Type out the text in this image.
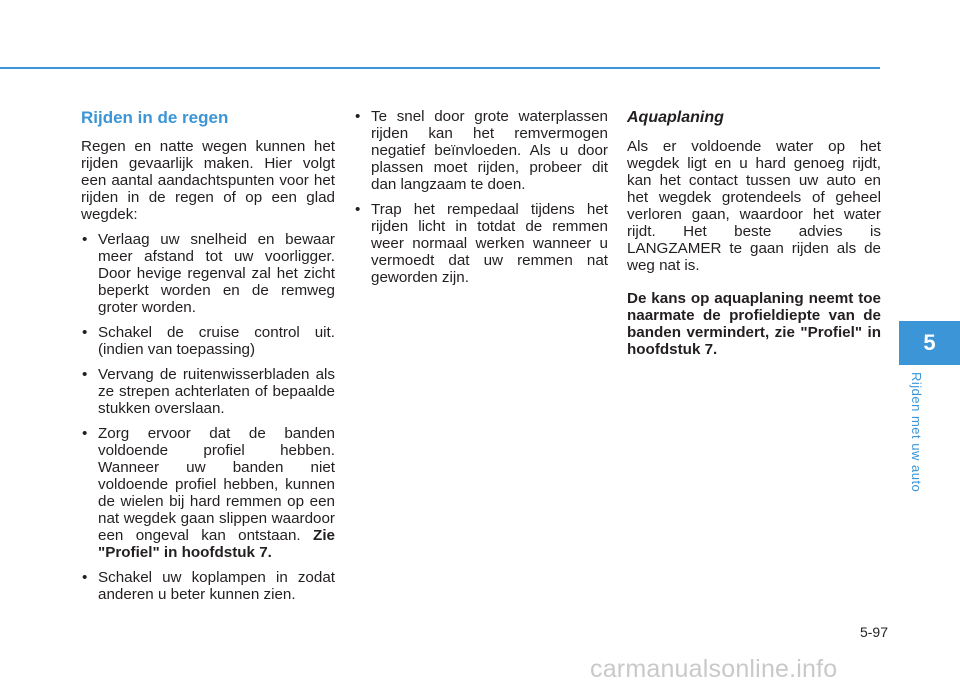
Rijden in de regen

Regen en natte wegen kunnen het rijden gevaarlijk maken. Hier volgt een aantal aandachtspunten voor het rijden in de regen of op een glad wegdek:

• Verlaag uw snelheid en bewaar meer afstand tot uw voorligger. Door hevige regenval zal het zicht beperkt worden en de remweg groter worden.
• Schakel de cruise control uit. (indien van toepassing)
• Vervang de ruitenwisserbladen als ze strepen achterlaten of bepaalde stukken overslaan.
• Zorg ervoor dat de banden voldoende profiel hebben. Wanneer uw banden niet voldoende profiel hebben, kunnen de wielen bij hard remmen op een nat wegdek gaan slippen waardoor een ongeval kan ontstaan. Zie "Profiel" in hoofdstuk 7.
• Schakel uw koplampen in zodat anderen u beter kunnen zien.
• Te snel door grote waterplassen rijden kan het remvermogen negatief beïnvloeden. Als u door plassen moet rijden, probeer dit dan langzaam te doen.
• Trap het rempedaal tijdens het rijden licht in totdat de remmen weer normaal werken wanneer u vermoedt dat uw remmen nat geworden zijn.
Aquaplaning

Als er voldoende water op het wegdek ligt en u hard genoeg rijdt, kan het contact tussen uw auto en het wegdek grotendeels of geheel verloren gaan, waardoor het water rijdt. Het beste advies is LANGZAMER te gaan rijden als de weg nat is.

De kans op aquaplaning neemt toe naarmate de profieldiepte van de banden vermindert, zie "Profiel" in hoofdstuk 7.	5
Rijden met uw auto
5-97
carmanualsonline.info
